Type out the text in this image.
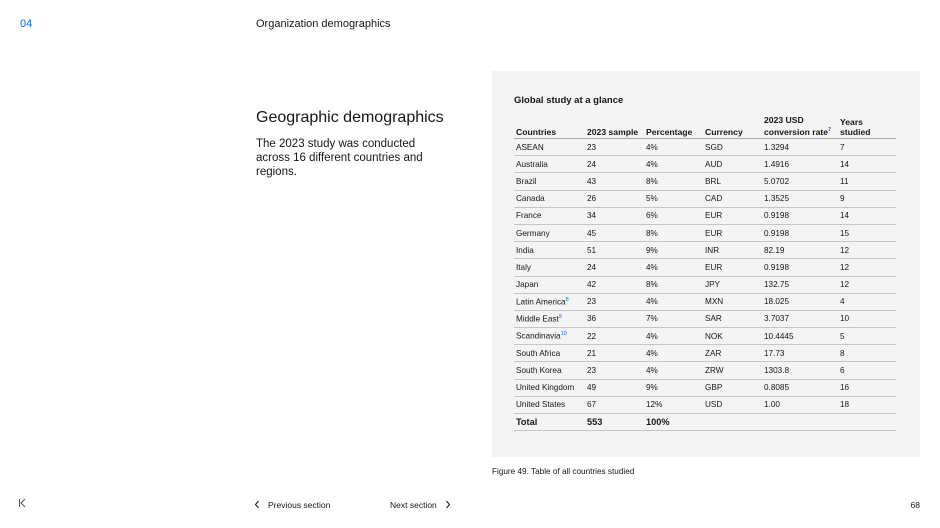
04	Organization demographics
Geographic demographics

The 2023 study was conducted across 16 different countries and regions.

Global study at a glance
Countries	2023 sample	Percentage	Currency	2023 USD conversion rate$^7$	Years studied
ASEAN	23	4%	SGD	1.3294	7
Australia	24	4%	AUD	1.4916	14
Brazil	43	8%	BRL	5.0702	11
Canada	26	5%	CAD	1.3525	9
France	34	6%	EUR	0.9198	14
Germany	45	8%	EUR	0.9198	15
India	51	9%	INR	82.19	12
Italy	24	4%	EUR	0.9198	12
Japan	42	8%	JPY	132.75	12
Latin America$^8$	23	4%	MXN	18.025	4
Middle East$^9$	36	7%	SAR	3.7037	10
Scandinavia$^{10}$	22	4%	NOK	10.4445	5
South Africa	21	4%	ZAR	17.73	8
South Korea	23	4%	ZRW	1303.8	6
United Kingdom	49	9%	GBP	0.8085	16
United States	67	12%	USD	1.00	18
Total	553	100%			
Figure 49. Table of all countries studied
Previous section	Next section	68
